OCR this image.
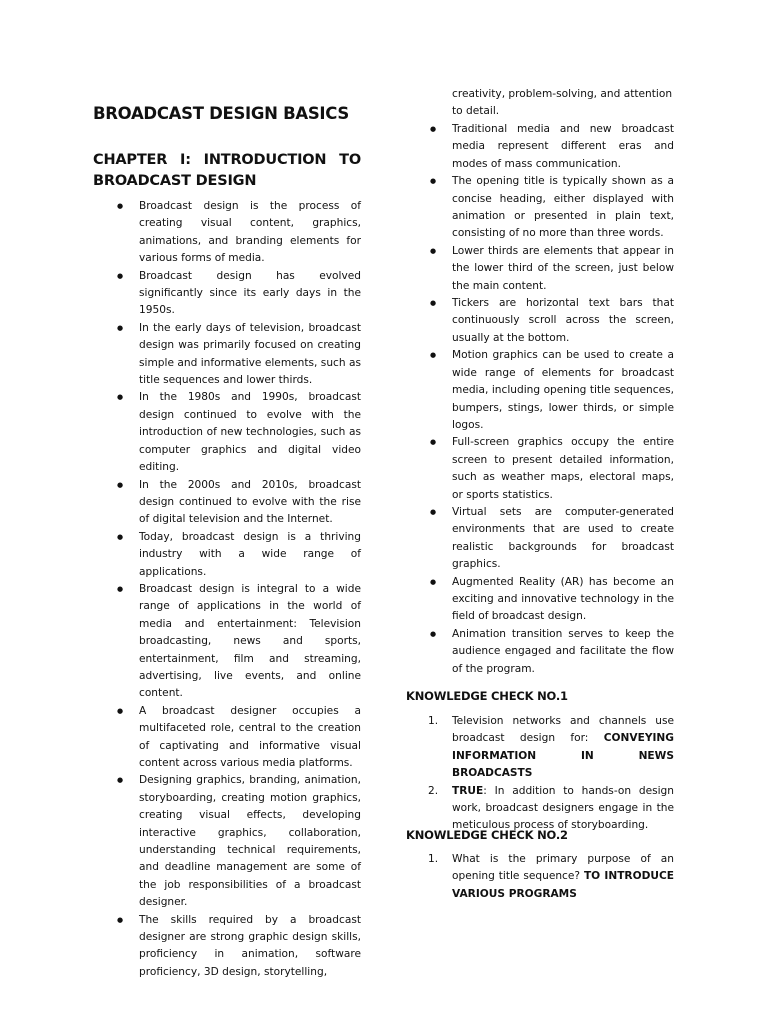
BROADCAST DESIGN BASICS
CHAPTER I: INTRODUCTION TO BROADCAST DESIGN
● Broadcast design is the process of creating visual content, graphics, animations, and branding elements for various forms of media.
● Broadcast design has evolved significantly since its early days in the 1950s.
● In the early days of television, broadcast design was primarily focused on creating simple and informative elements, such as title sequences and lower thirds.
● In the 1980s and 1990s, broadcast design continued to evolve with the introduction of new technologies, such as computer graphics and digital video editing.
● In the 2000s and 2010s, broadcast design continued to evolve with the rise of digital television and the Internet.
● Today, broadcast design is a thriving industry with a wide range of applications.
● Broadcast design is integral to a wide range of applications in the world of media and entertainment: Television broadcasting, news and sports, entertainment, film and streaming, advertising, live events, and online content.
● A broadcast designer occupies a multifaceted role, central to the creation of captivating and informative visual content across various media platforms.
● Designing graphics, branding, animation, storyboarding, creating motion graphics, creating visual effects, developing interactive graphics, collaboration, understanding technical requirements, and deadline management are some of the job responsibilities of a broadcast designer.
● The skills required by a broadcast designer are strong graphic design skills, proficiency in animation, software proficiency, 3D design, storytelling,

creativity, problem-solving, and attention to detail.

● Traditional media and new broadcast media represent different eras and modes of mass communication.
● The opening title is typically shown as a concise heading, either displayed with animation or presented in plain text, consisting of no more than three words.
● Lower thirds are elements that appear in the lower third of the screen, just below the main content.
● Tickers are horizontal text bars that continuously scroll across the screen, usually at the bottom.
● Motion graphics can be used to create a wide range of elements for broadcast media, including opening title sequences, bumpers, stings, lower thirds, or simple logos.
● Full-screen graphics occupy the entire screen to present detailed information, such as weather maps, electoral maps, or sports statistics.
● Virtual sets are computer-generated environments that are used to create realistic backgrounds for broadcast graphics.
● Augmented Reality (AR) has become an exciting and innovative technology in the field of broadcast design.
● Animation transition serves to keep the audience engaged and facilitate the flow of the program.
KNOWLEDGE CHECK NO.1
1. Television networks and channels use broadcast design for: CONVEYING INFORMATION IN NEWS BROADCASTS
2. TRUE: In addition to hands-on design work, broadcast designers engage in the meticulous process of storyboarding.
KNOWLEDGE CHECK NO.2
1. What is the primary purpose of an opening title sequence? TO INTRODUCE VARIOUS PROGRAMS
